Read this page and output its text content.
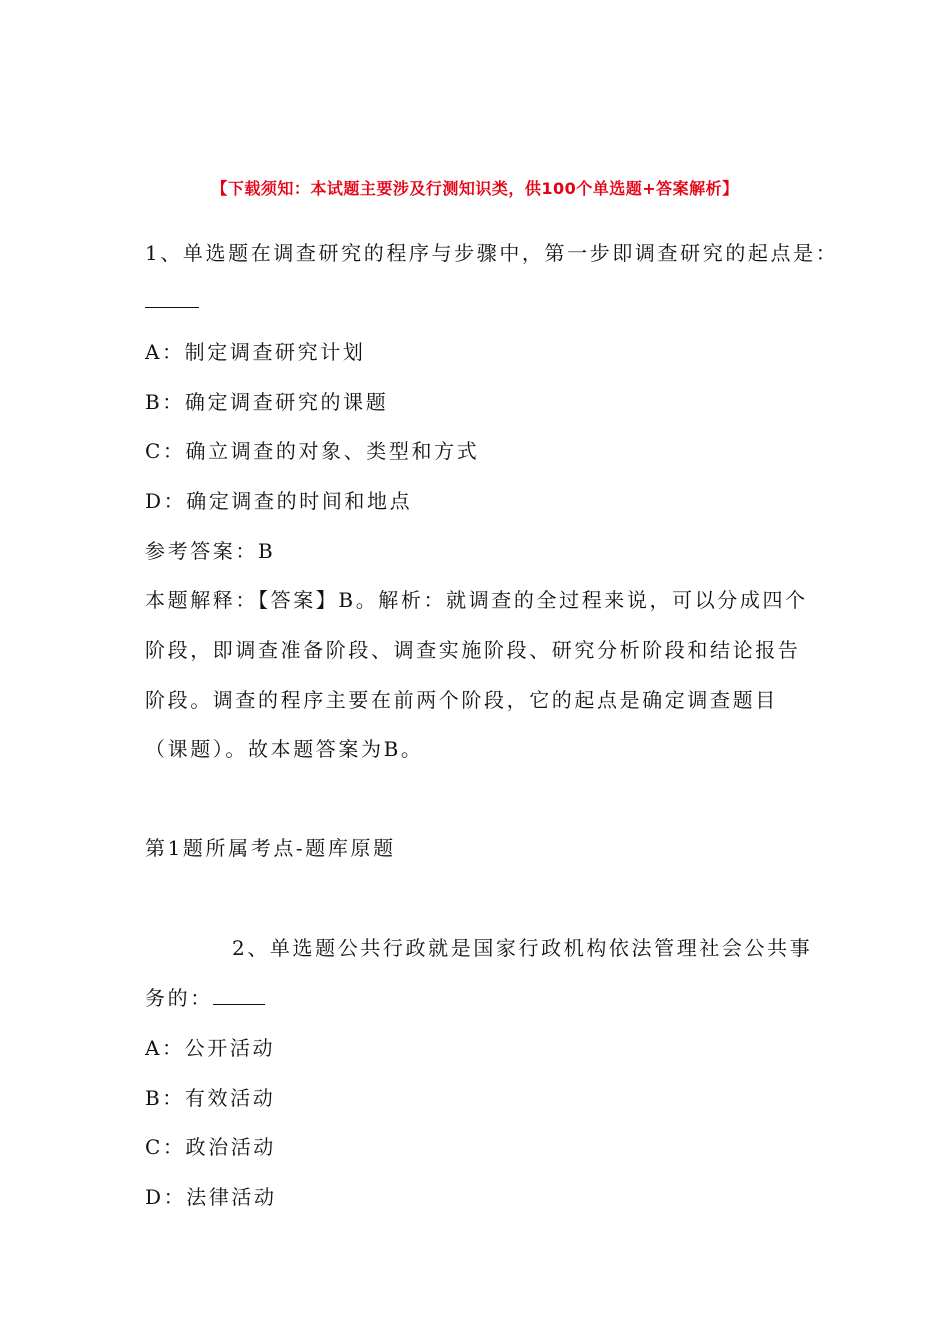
【下载须知：本试题主要涉及行测知识类，供100个单选题+答案解析】
1、单选题在调查研究的程序与步骤中，第一步即调查研究的起点是：
A：制定调查研究计划
B：确定调查研究的课题
C：确立调查的对象、类型和方式
D：确定调查的时间和地点
参考答案：B
本题解释：【答案】B。解析：就调查的全过程来说，可以分成四个
阶段，即调查准备阶段、调查实施阶段、研究分析阶段和结论报告
阶段。调查的程序主要在前两个阶段，它的起点是确定调查题目
（课题）。故本题答案为B。
第1题所属考点-题库原题
2、单选题公共行政就是国家行政机构依法管理社会公共事
务的：
A：公开活动
B：有效活动
C：政治活动
D：法律活动
